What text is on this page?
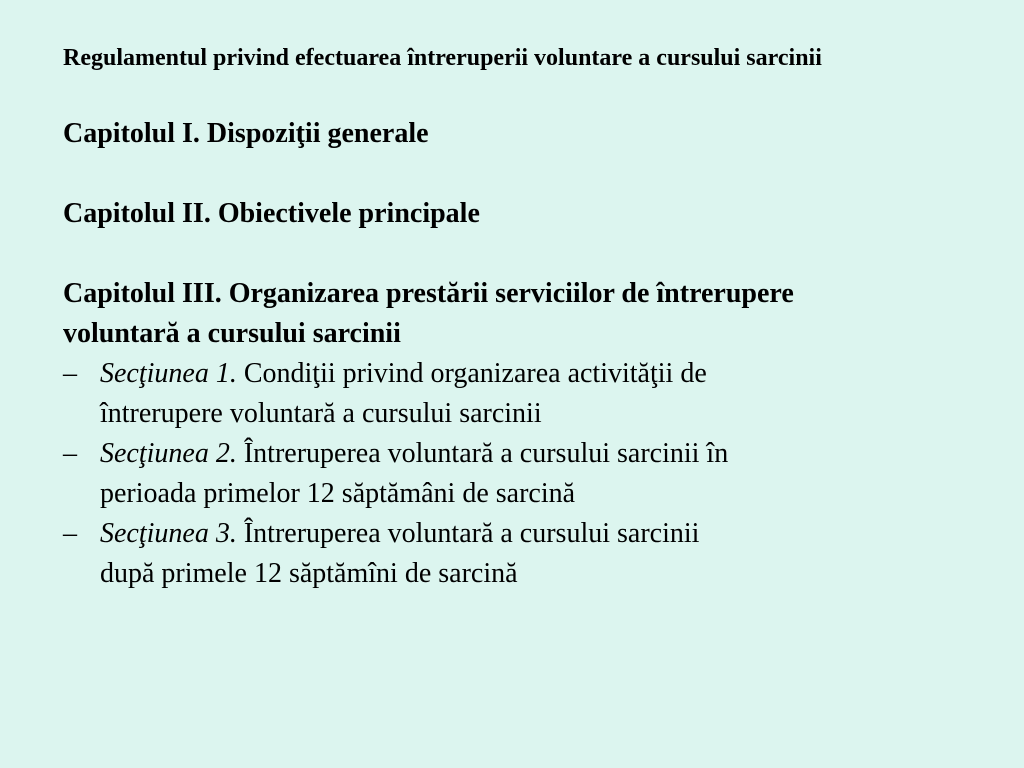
Regulamentul privind efectuarea întreruperii voluntare a cursului sarcinii
Capitolul I. Dispoziţii generale
Capitolul II. Obiectivele principale
Capitolul III. Organizarea prestării serviciilor de întrerupere
voluntară a cursului sarcinii
– Secţiunea 1. Condiţii privind organizarea activităţii de
întrerupere voluntară a cursului sarcinii
– Secţiunea 2. Întreruperea voluntară a cursului sarcinii în
perioada primelor 12 săptămâni de sarcină
– Secţiunea 3. Întreruperea voluntară a cursului sarcinii
după primele 12 săptămîni de sarcină
